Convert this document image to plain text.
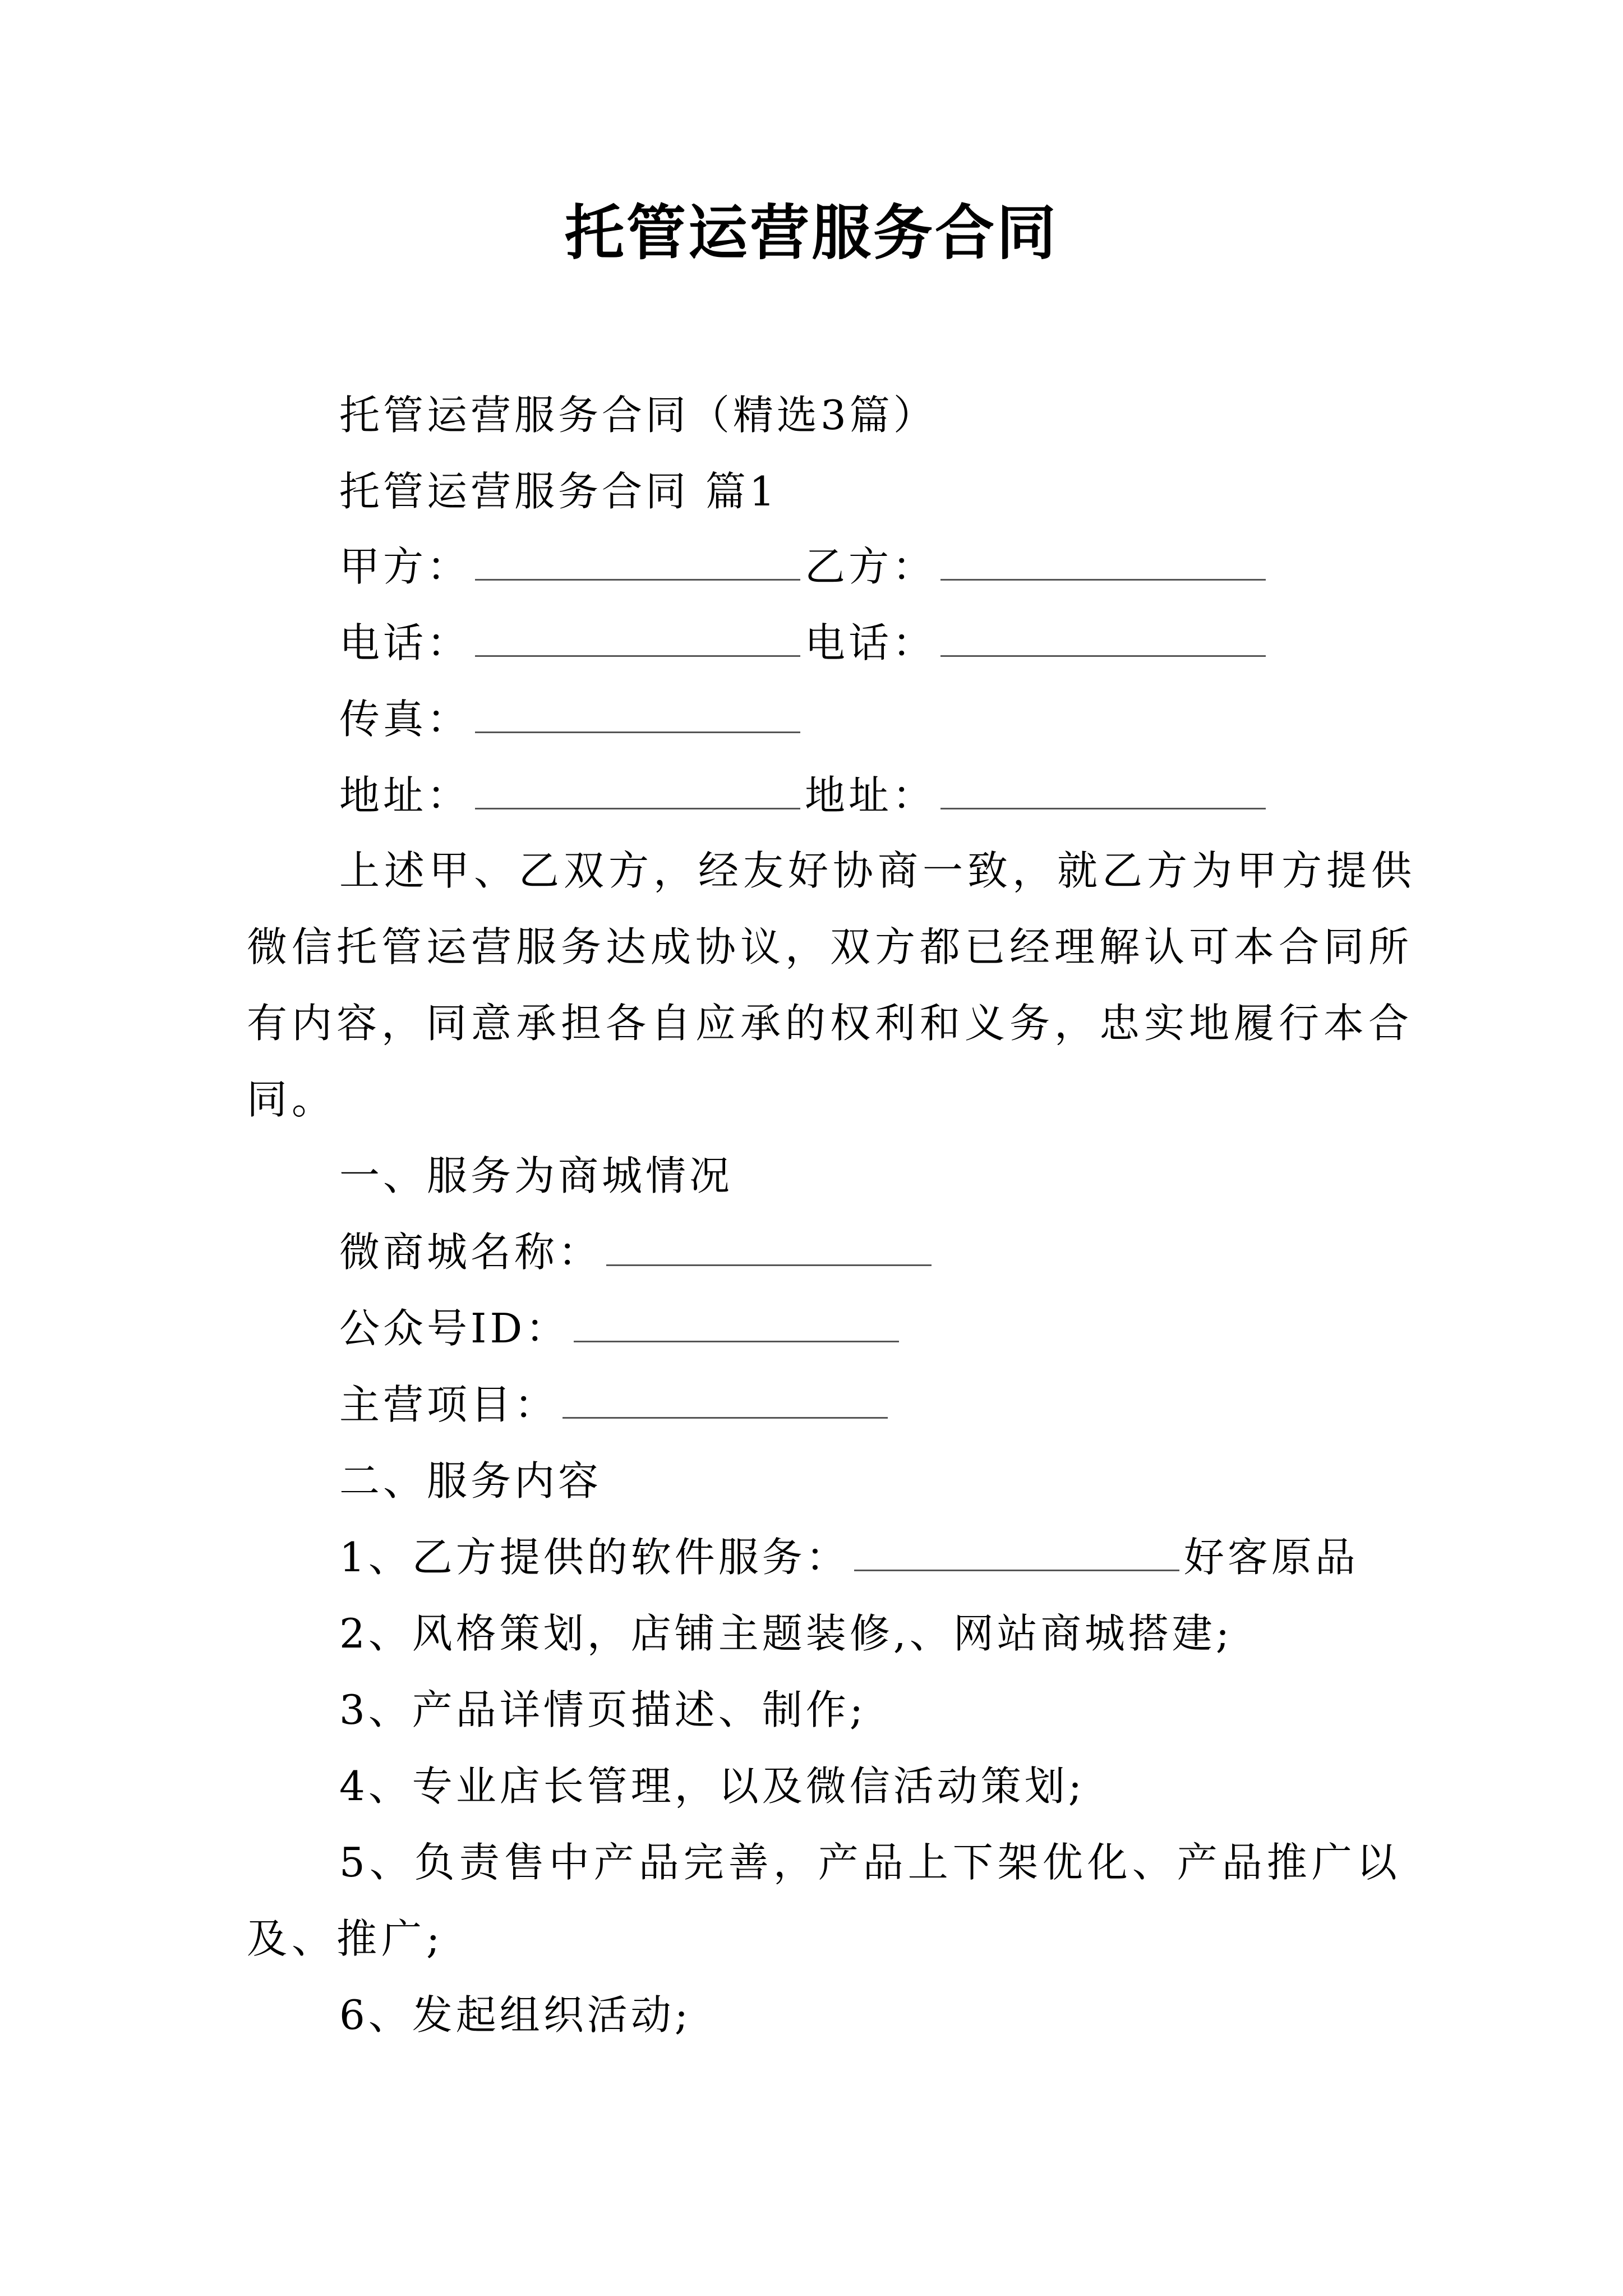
托管运营服务合同
托管运营服务合同（精选3篇）
托管运营服务合同 篇1
甲方：	乙方：
电话：	电话：
传真：
地址：	地址：
上述甲、乙双方，经友好协商一致，就乙方为甲方提供
微信托管运营服务达成协议，双方都已经理解认可本合同所
有内容，同意承担各自应承的权利和义务，忠实地履行本合
同。
一、服务为商城情况
微商城名称：
公众号ID：
主营项目：
二、服务内容
1、乙方提供的软件服务：	好客原品
2、风格策划，店铺主题装修,、网站商城搭建;
3、产品详情页描述、制作;
4、专业店长管理，以及微信活动策划;
5、负责售中产品完善，产品上下架优化、产品推广以
及、推广;
6、发起组织活动;
